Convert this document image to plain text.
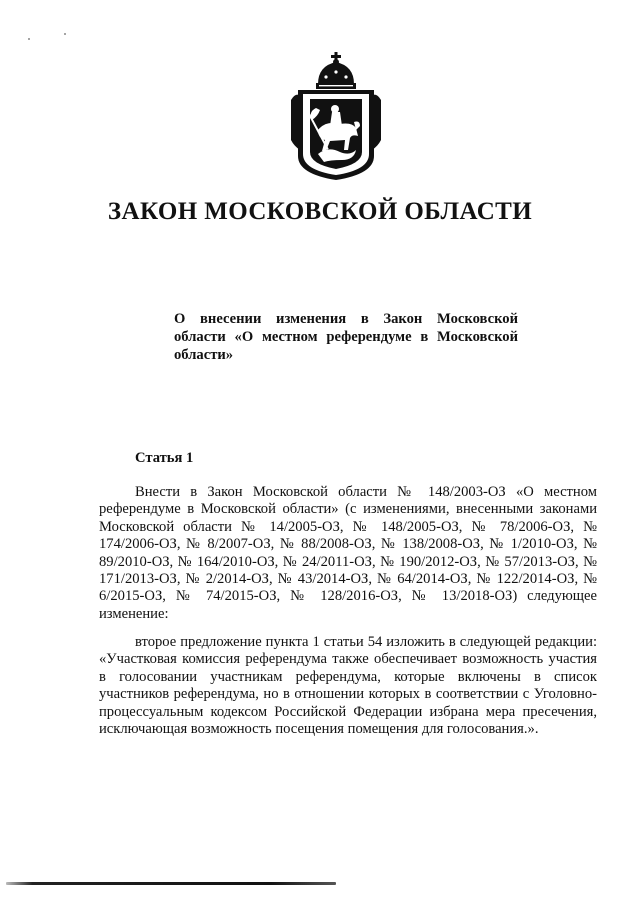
ЗАКОН МОСКОВСКОЙ ОБЛАСТИ

О внесении изменения в Закон Московской области «О местном референдуме в Московской области»

Статья 1

Внести в Закон Московской области № 148/2003-ОЗ «О местном референдуме в Московской области» (с изменениями, внесенными законами Московской области № 14/2005-ОЗ, № 148/2005-ОЗ, № 78/2006-ОЗ, № 174/2006-ОЗ, № 8/2007-ОЗ, № 88/2008-ОЗ, № 138/2008-ОЗ, № 1/2010-ОЗ, № 89/2010-ОЗ, № 164/2010-ОЗ, № 24/2011-ОЗ, № 190/2012-ОЗ, № 57/2013-ОЗ, № 171/2013-ОЗ, № 2/2014-ОЗ, № 43/2014-ОЗ, № 64/2014-ОЗ, № 122/2014-ОЗ, № 6/2015-ОЗ, № 74/2015-ОЗ, № 128/2016-ОЗ, № 13/2018-ОЗ) следующее изменение:

второе предложение пункта 1 статьи 54 изложить в следующей редакции: «Участковая комиссия референдума также обеспечивает возможность участия в голосовании участникам референдума, которые включены в список участников референдума, но в отношении которых в соответствии с Уголовно-процессуальным кодексом Российской Федерации избрана мера пресечения, исключающая возможность посещения помещения для голосования.».
